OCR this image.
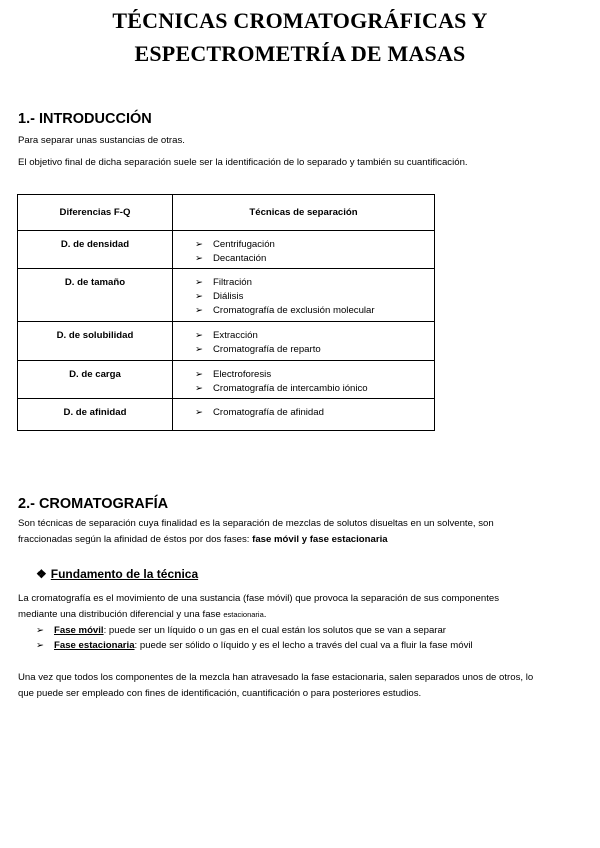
TÉCNICAS CROMATOGRÁFICAS Y
ESPECTROMETRÍA DE MASAS
1.- INTRODUCCIÓN
Para separar unas sustancias de otras.
El objetivo final de dicha separación suele ser la identificación de lo separado y también su cuantificación.
Diferencias F-Q	Técnicas de separación
D. de densidad	➢ Centrifugación
➢ Decantación

D. de tamaño	➢ Filtración
➢ Diálisis
➢ Cromatografía de exclusión molecular

D. de solubilidad	➢ Extracción
➢ Cromatografía de reparto

D. de carga	➢ Electroforesis
➢ Cromatografía de intercambio iónico

D. de afinidad	➢ Cromatografía de afinidad
2.- CROMATOGRAFÍA
Son técnicas de separación cuya finalidad es la separación de mezclas de solutos disueltas en un solvente, son
fraccionadas según la afinidad de éstos por dos fases: fase móvil y fase estacionaria
❖ Fundamento de la técnica
La cromatografía es el movimiento de una sustancia (fase móvil) que provoca la separación de sus componentes
mediante una distribución diferencial y una fase estacionaria.
➢ Fase móvil: puede ser un líquido o un gas en el cual están los solutos que se van a separar
➢ Fase estacionaria: puede ser sólido o líquido y es el lecho a través del cual va a fluir la fase móvil
Una vez que todos los componentes de la mezcla han atravesado la fase estacionaria, salen separados unos de otros, lo
que puede ser empleado con fines de identificación, cuantificación o para posteriores estudios.
